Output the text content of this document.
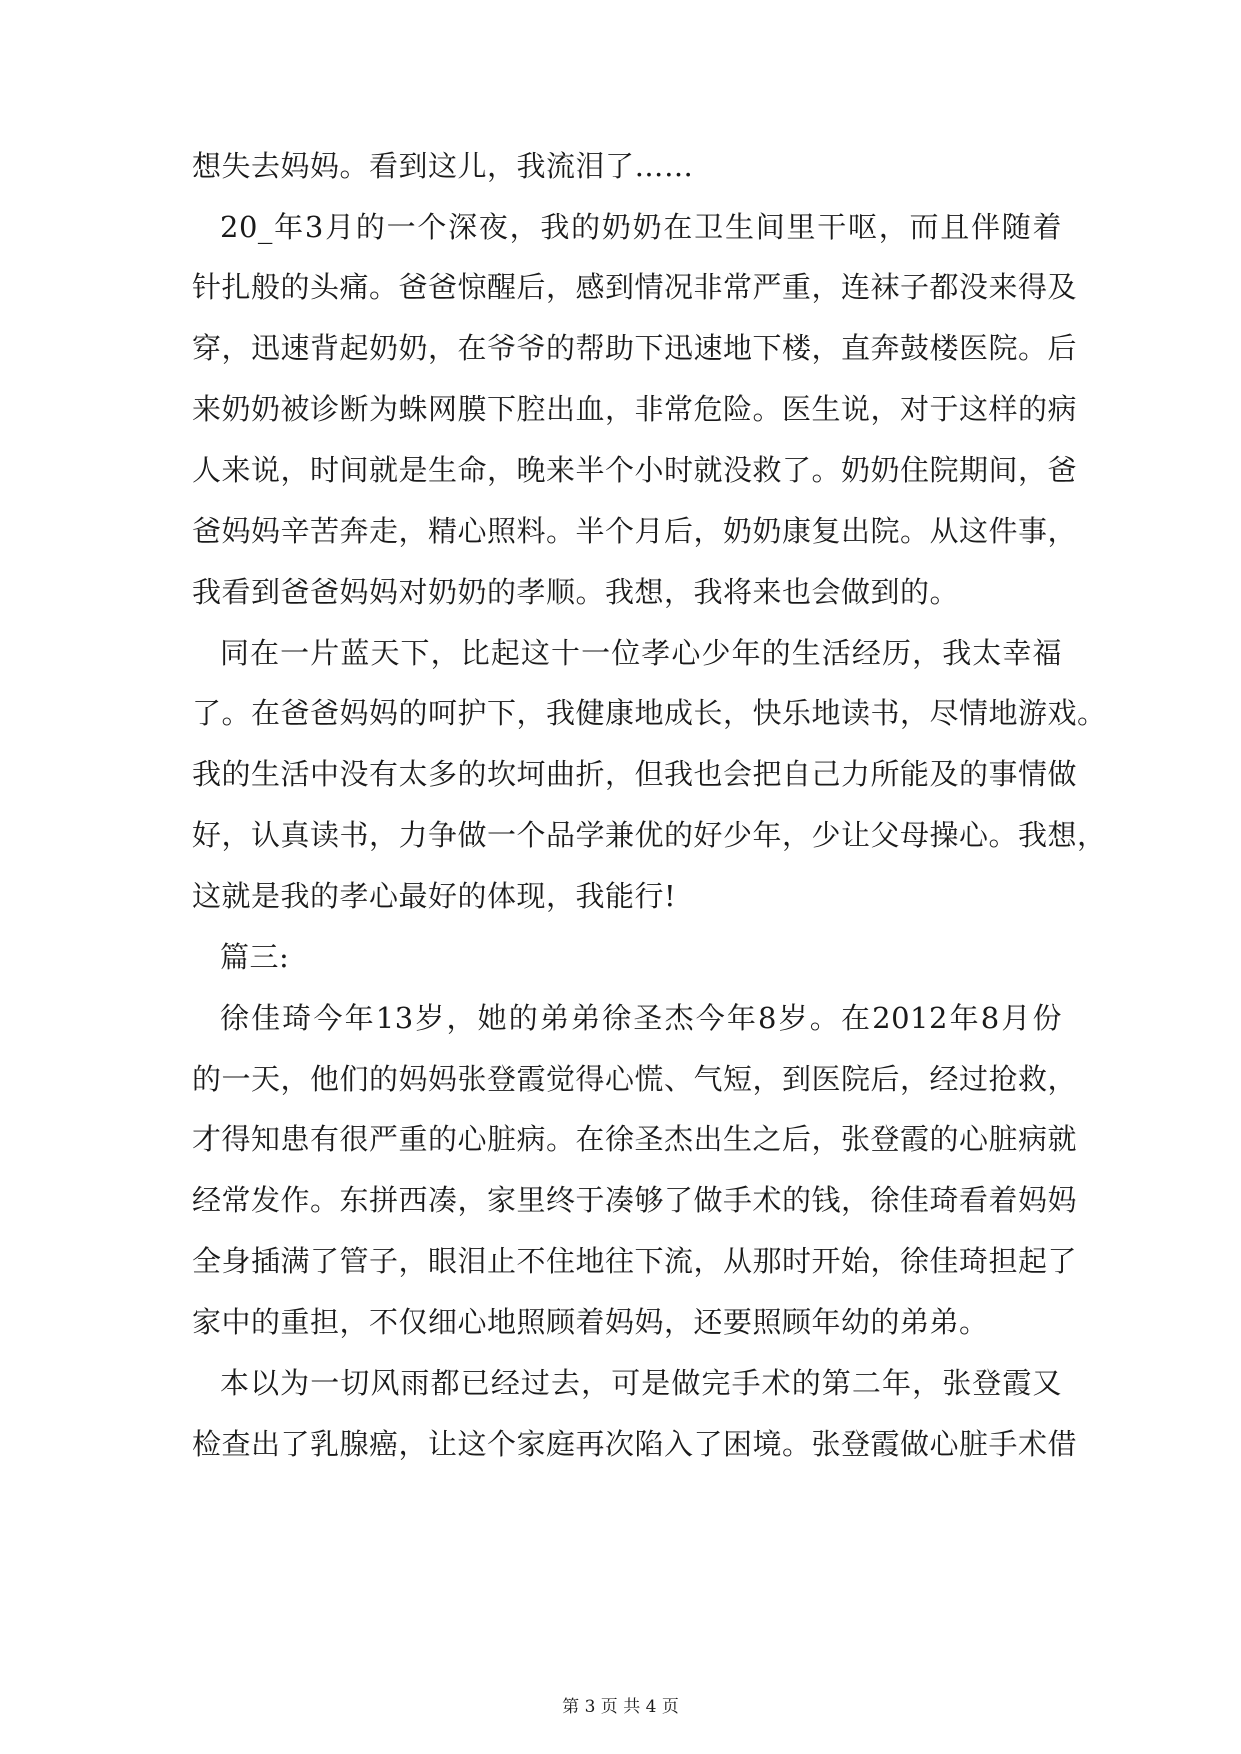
想失去妈妈。看到这儿，我流泪了……
20_年3月的一个深夜，我的奶奶在卫生间里干呕，而且伴随着
针扎般的头痛。爸爸惊醒后，感到情况非常严重，连袜子都没来得及
穿，迅速背起奶奶，在爷爷的帮助下迅速地下楼，直奔鼓楼医院。后
来奶奶被诊断为蛛网膜下腔出血，非常危险。医生说，对于这样的病
人来说，时间就是生命，晚来半个小时就没救了。奶奶住院期间，爸
爸妈妈辛苦奔走，精心照料。半个月后，奶奶康复出院。从这件事，
我看到爸爸妈妈对奶奶的孝顺。我想，我将来也会做到的。
同在一片蓝天下，比起这十一位孝心少年的生活经历，我太幸福
了。在爸爸妈妈的呵护下，我健康地成长，快乐地读书，尽情地游戏。
我的生活中没有太多的坎坷曲折，但我也会把自己力所能及的事情做
好，认真读书，力争做一个品学兼优的好少年，少让父母操心。我想，
这就是我的孝心最好的体现，我能行!
篇三:
徐佳琦今年13岁，她的弟弟徐圣杰今年8岁。在2012年8月份
的一天，他们的妈妈张登霞觉得心慌、气短，到医院后，经过抢救，
才得知患有很严重的心脏病。在徐圣杰出生之后，张登霞的心脏病就
经常发作。东拼西凑，家里终于凑够了做手术的钱，徐佳琦看着妈妈
全身插满了管子，眼泪止不住地往下流，从那时开始，徐佳琦担起了
家中的重担，不仅细心地照顾着妈妈，还要照顾年幼的弟弟。
本以为一切风雨都已经过去，可是做完手术的第二年，张登霞又
检查出了乳腺癌，让这个家庭再次陷入了困境。张登霞做心脏手术借
第 3 页 共 4 页
